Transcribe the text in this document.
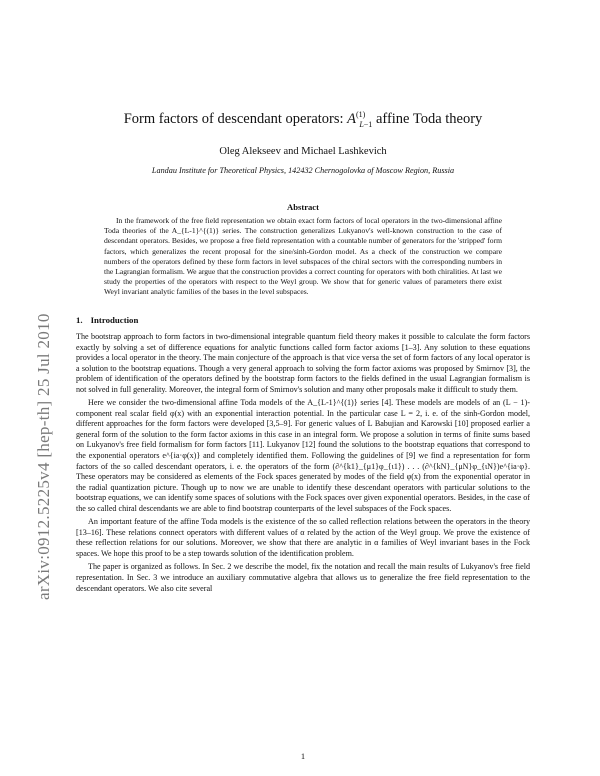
arXiv:0912.5225v4 [hep-th] 25 Jul 2010
Form factors of descendant operators: $A^{(1)}_{L-1}$ affine Toda theory
Oleg Alekseev and Michael Lashkevich
Landau Institute for Theoretical Physics, 142432 Chernogolovka of Moscow Region, Russia
Abstract
In the framework of the free field representation we obtain exact form factors of local operators in the two-dimensional affine Toda theories of the A_{L-1}^{(1)} series. The construction generalizes Lukyanov's well-known construction to the case of descendant operators. Besides, we propose a free field representation with a countable number of generators for the 'stripped' form factors, which generalizes the recent proposal for the sine/sinh-Gordon model. As a check of the construction we compare numbers of the operators defined by these form factors in level subspaces of the chiral sectors with the corresponding numbers in the Lagrangian formalism. We argue that the construction provides a correct counting for operators with both chiralities. At last we study the properties of the operators with respect to the Weyl group. We show that for generic values of parameters there exist Weyl invariant analytic families of the bases in the level subspaces.
1. Introduction

The bootstrap approach to form factors in two-dimensional integrable quantum field theory makes it possible to calculate the form factors exactly by solving a set of difference equations for analytic functions called form factor axioms [1–3]. Any solution to these equations provides a local operator in the theory. The main conjecture of the approach is that vice versa the set of form factors of any local operator is a solution to the bootstrap equations. Though a very general approach to solving the form factor axioms was proposed by Smirnov [3], the problem of identification of the operators defined by the bootstrap form factors to the fields defined in the usual Lagrangian formalism is not solved in full generality. Moreover, the integral form of Smirnov's solution and many other proposals make it difficult to study them.

Here we consider the two-dimensional affine Toda models of the A_{L-1}^{(1)} series [4]. These models are models of an (L − 1)-component real scalar field φ(x) with an exponential interaction potential. In the particular case L = 2, i. e. of the sinh-Gordon model, different approaches for the form factors were developed [3,5–9]. For generic values of L Babujian and Karowski [10] proposed earlier a general form of the solution to the form factor axioms in this case in an integral form. We propose a solution in terms of finite sums based on Lukyanov's free field formalism for form factors [11]. Lukyanov [12] found the solutions to the bootstrap equations that correspond to the exponential operators e^{ia·φ(x)} and completely identified them. Following the guidelines of [9] we find a representation for form factors of the so called descendant operators, i. e. the operators of the form (∂^{k1}_{μ1}φ_{ι1}) . . . (∂^{kN}_{μN}φ_{ιN})e^{ia·φ}. These operators may be considered as elements of the Fock spaces generated by modes of the field φ(x) from the exponential operator in the radial quantization picture. Though up to now we are unable to identify these descendant operators with particular solutions to the bootstrap equations, we can identify some spaces of solutions with the Fock spaces over given exponential operators. Besides, in the case of the so called chiral descendants we are able to find bootstrap counterparts of the level subspaces of the Fock spaces.

An important feature of the affine Toda models is the existence of the so called reflection relations between the operators in the theory [13–16]. These relations connect operators with different values of α related by the action of the Weyl group. We prove the existence of these reflection relations for our solutions. Moreover, we show that there are analytic in α families of Weyl invariant bases in the Fock spaces. We hope this proof to be a step towards solution of the identification problem.

The paper is organized as follows. In Sec. 2 we describe the model, fix the notation and recall the main results of Lukyanov's free field representation. In Sec. 3 we introduce an auxiliary commutative algebra that allows us to generalize the free field representation to the descendant operators. We also cite several

1
